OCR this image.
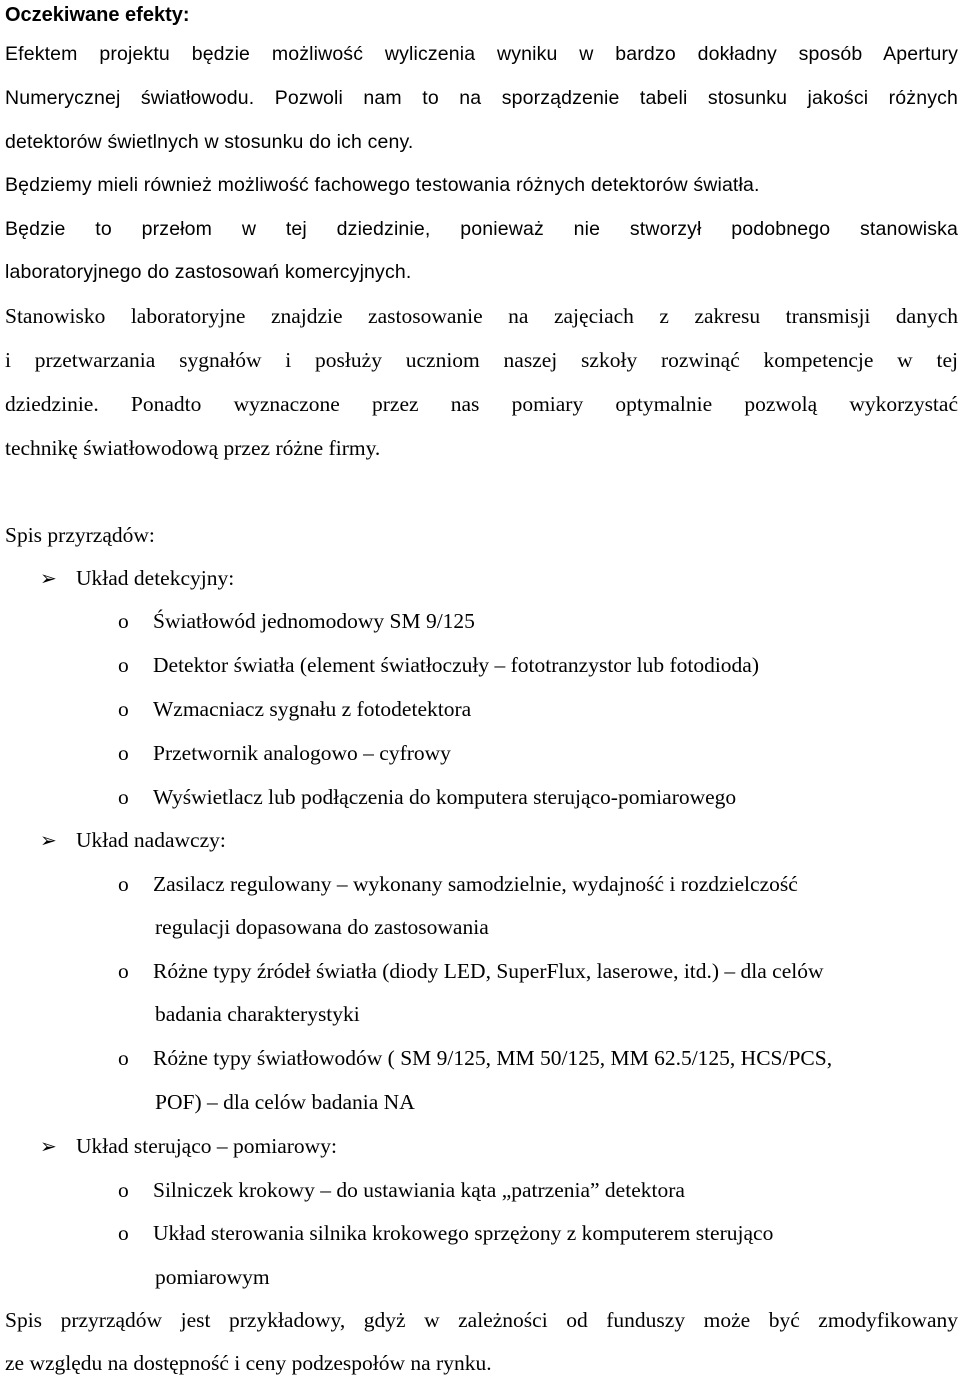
Oczekiwane efekty:
Efektem projektu będzie możliwość wyliczenia wyniku w bardzo dokładny sposób Apertury
Numerycznej światłowodu. Pozwoli nam to na sporządzenie tabeli stosunku jakości różnych
detektorów świetlnych w stosunku do ich ceny.
Będziemy mieli również możliwość fachowego testowania różnych detektorów światła.
Będzie to przełom w tej dziedzinie, ponieważ nie stworzył podobnego stanowiska
laboratoryjnego do zastosowań komercyjnych.
Stanowisko laboratoryjne znajdzie zastosowanie na zajęciach z zakresu transmisji danych
i przetwarzania sygnałów i posłuży uczniom naszej szkoły rozwinąć kompetencje w tej
dziedzinie. Ponadto wyznaczone przez nas pomiary optymalnie pozwolą wykorzystać
technikę światłowodową przez różne firmy.
Spis przyrządów:
➢ Układ detekcyjny:
o Światłowód jednomodowy SM 9/125
o Detektor światła (element światłoczuły – fototranzystor lub fotodioda)
o Wzmacniacz sygnału z fotodetektora
o Przetwornik analogowo – cyfrowy
o Wyświetlacz lub podłączenia do komputera sterująco-pomiarowego
➢ Układ nadawczy:
o Zasilacz regulowany – wykonany samodzielnie, wydajność i rozdzielczość
regulacji dopasowana do zastosowania
o Różne typy źródeł światła (diody LED, SuperFlux, laserowe, itd.) – dla celów
badania charakterystyki
o Różne typy światłowodów ( SM 9/125, MM 50/125, MM 62.5/125, HCS/PCS,
POF) – dla celów badania NA
➢ Układ sterująco – pomiarowy:
o Silniczek krokowy – do ustawiania kąta „patrzenia” detektora
o Układ sterowania silnika krokowego sprzężony z komputerem sterująco
pomiarowym
Spis przyrządów jest przykładowy, gdyż w zależności od funduszy może być zmodyfikowany
ze względu na dostępność i ceny podzespołów na rynku.
